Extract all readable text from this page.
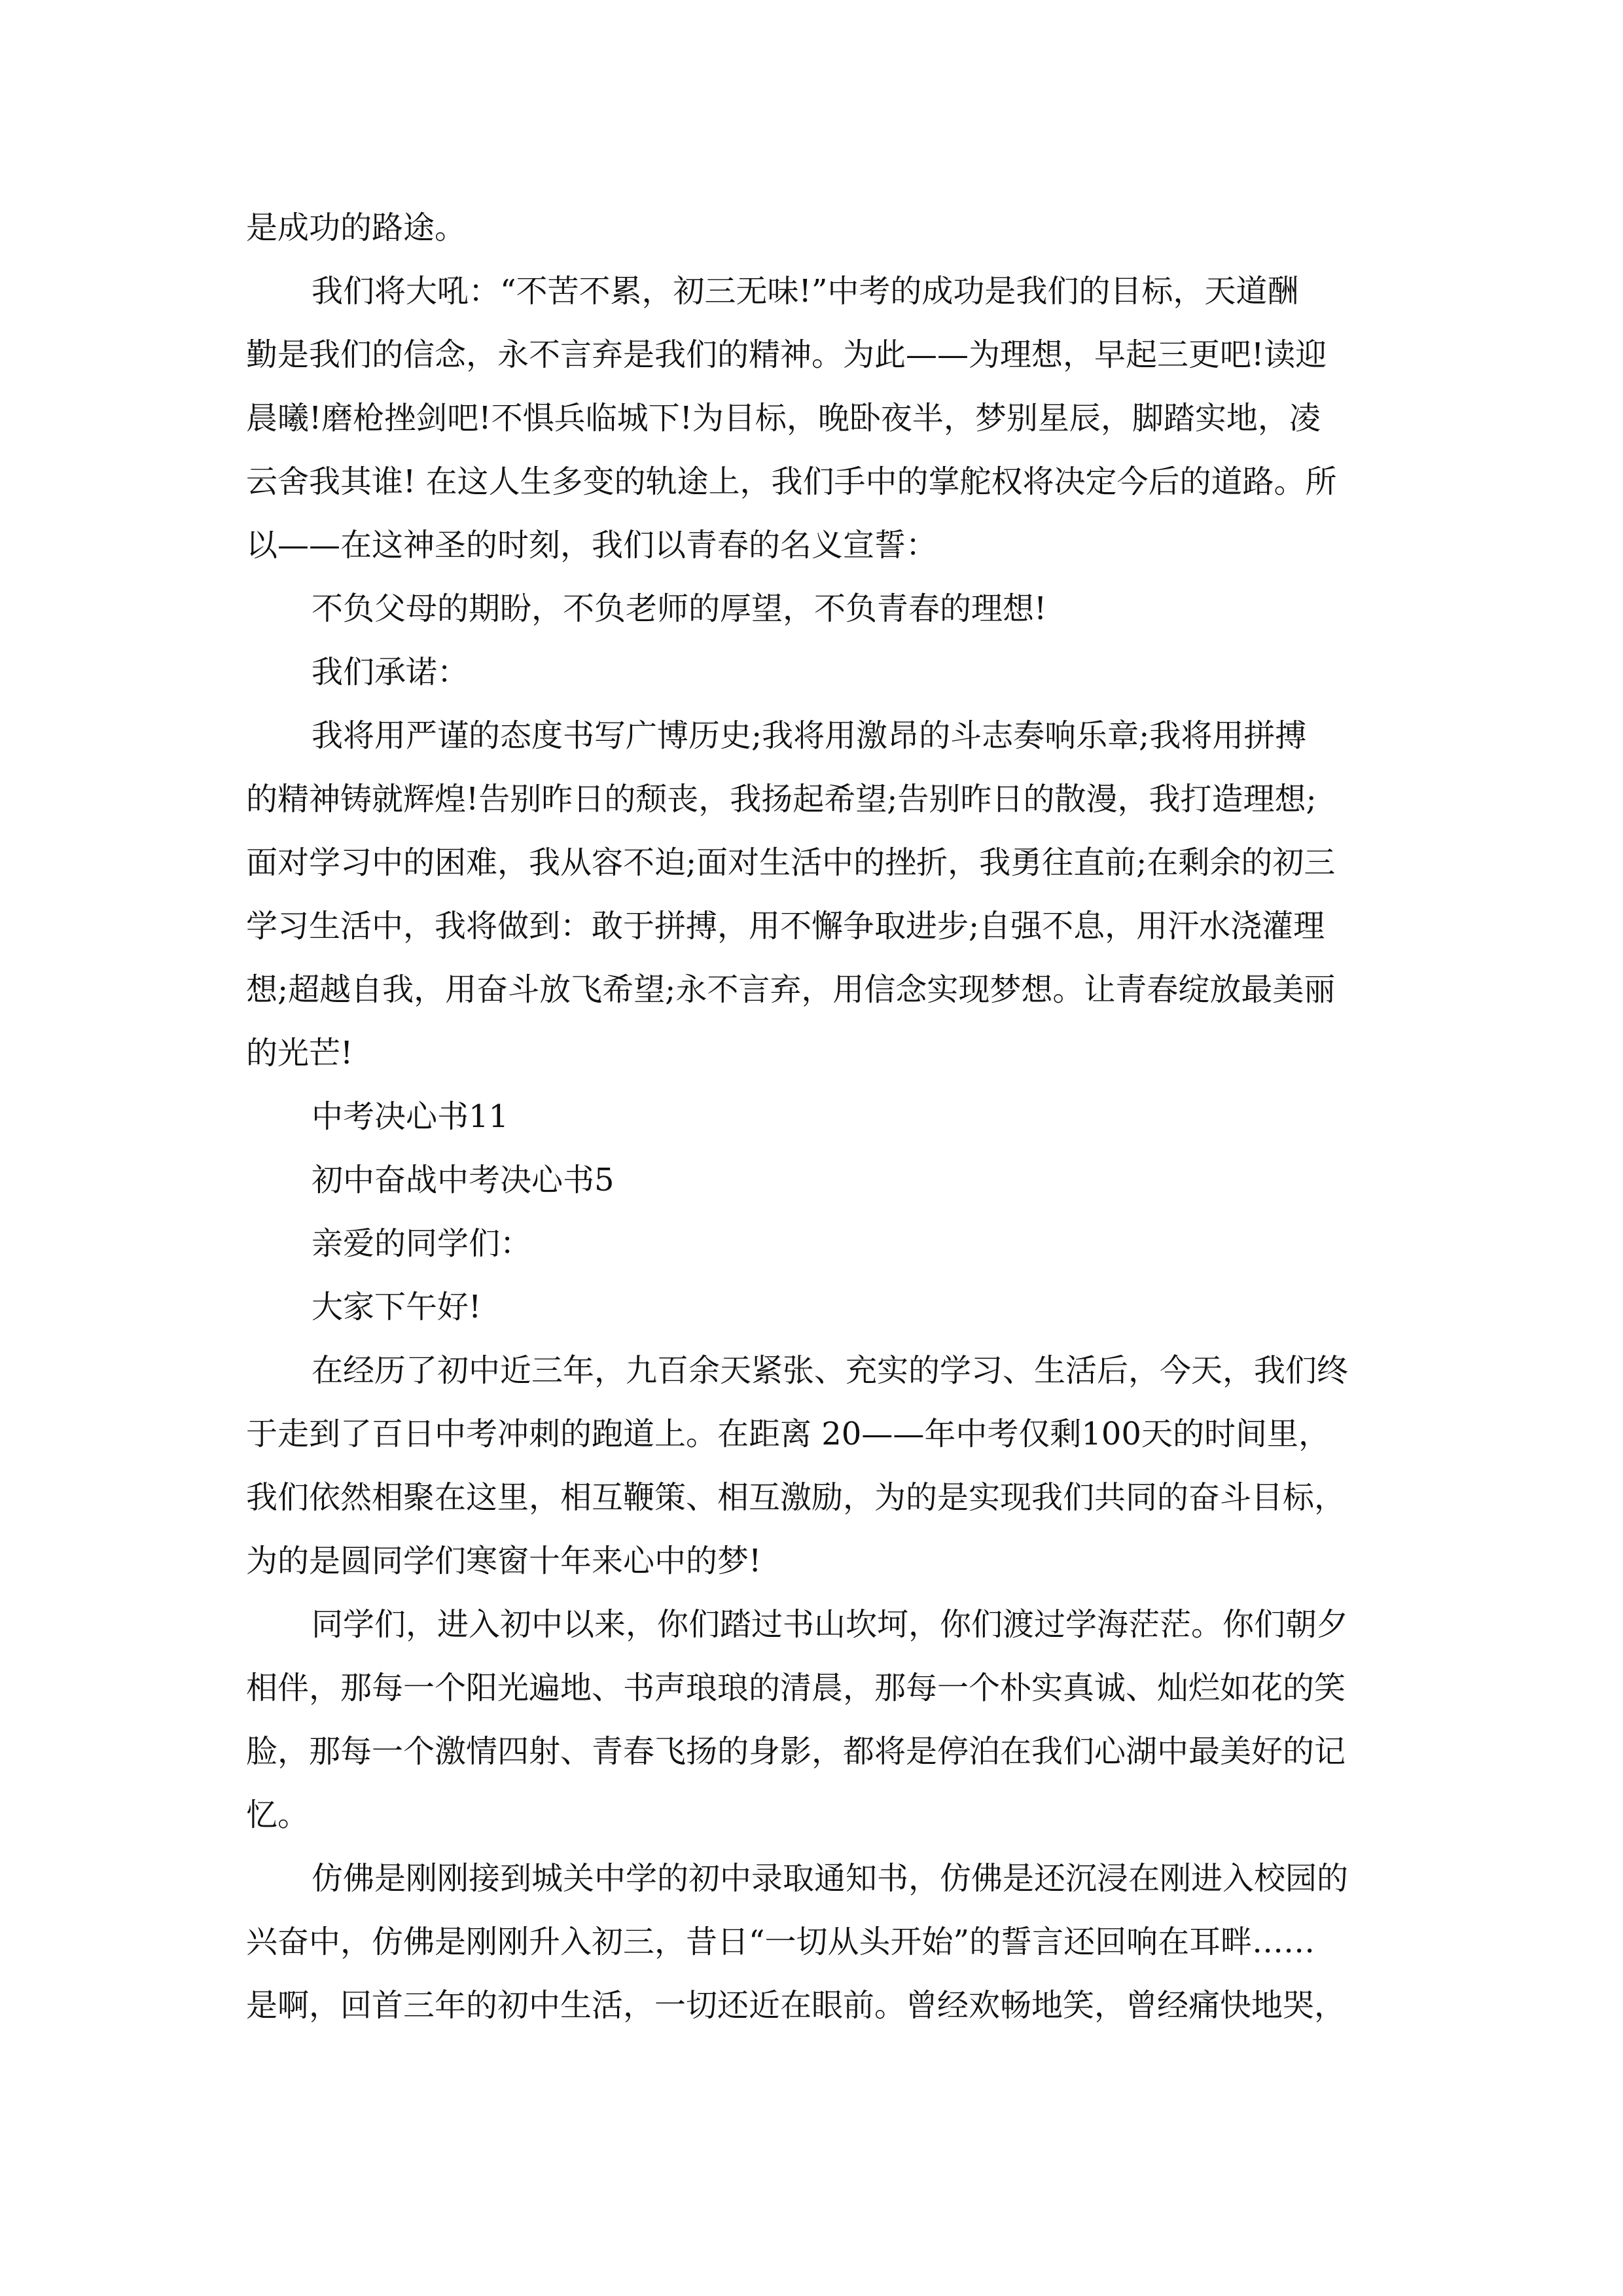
是成功的路途。
我们将大吼：“不苦不累，初三无味!”中考的成功是我们的目标，天道酬
勤是我们的信念，永不言弃是我们的精神。为此——为理想，早起三更吧!读迎
晨曦!磨枪挫剑吧!不惧兵临城下!为目标，晚卧夜半，梦别星辰，脚踏实地，凌
云舍我其谁! 在这人生多变的轨途上，我们手中的掌舵权将决定今后的道路。所
以——在这神圣的时刻，我们以青春的名义宣誓：
不负父母的期盼，不负老师的厚望，不负青春的理想!
我们承诺：
我将用严谨的态度书写广博历史;我将用激昂的斗志奏响乐章;我将用拼搏
的精神铸就辉煌!告别昨日的颓丧，我扬起希望;告别昨日的散漫，我打造理想;
面对学习中的困难，我从容不迫;面对生活中的挫折，我勇往直前;在剩余的初三
学习生活中，我将做到：敢于拼搏，用不懈争取进步;自强不息，用汗水浇灌理
想;超越自我，用奋斗放飞希望;永不言弃，用信念实现梦想。让青春绽放最美丽
的光芒!
中考决心书11
初中奋战中考决心书5
亲爱的同学们：
大家下午好!
在经历了初中近三年，九百余天紧张、充实的学习、生活后，今天，我们终
于走到了百日中考冲刺的跑道上。在距离 20——年中考仅剩100天的时间里，
我们依然相聚在这里，相互鞭策、相互激励，为的是实现我们共同的奋斗目标，
为的是圆同学们寒窗十年来心中的梦!
同学们，进入初中以来，你们踏过书山坎坷，你们渡过学海茫茫。你们朝夕
相伴，那每一个阳光遍地、书声琅琅的清晨，那每一个朴实真诚、灿烂如花的笑
脸，那每一个激情四射、青春飞扬的身影，都将是停泊在我们心湖中最美好的记
忆。
仿佛是刚刚接到城关中学的初中录取通知书，仿佛是还沉浸在刚进入校园的
兴奋中，仿佛是刚刚升入初三，昔日“一切从头开始”的誓言还回响在耳畔……
是啊，回首三年的初中生活，一切还近在眼前。曾经欢畅地笑，曾经痛快地哭，
